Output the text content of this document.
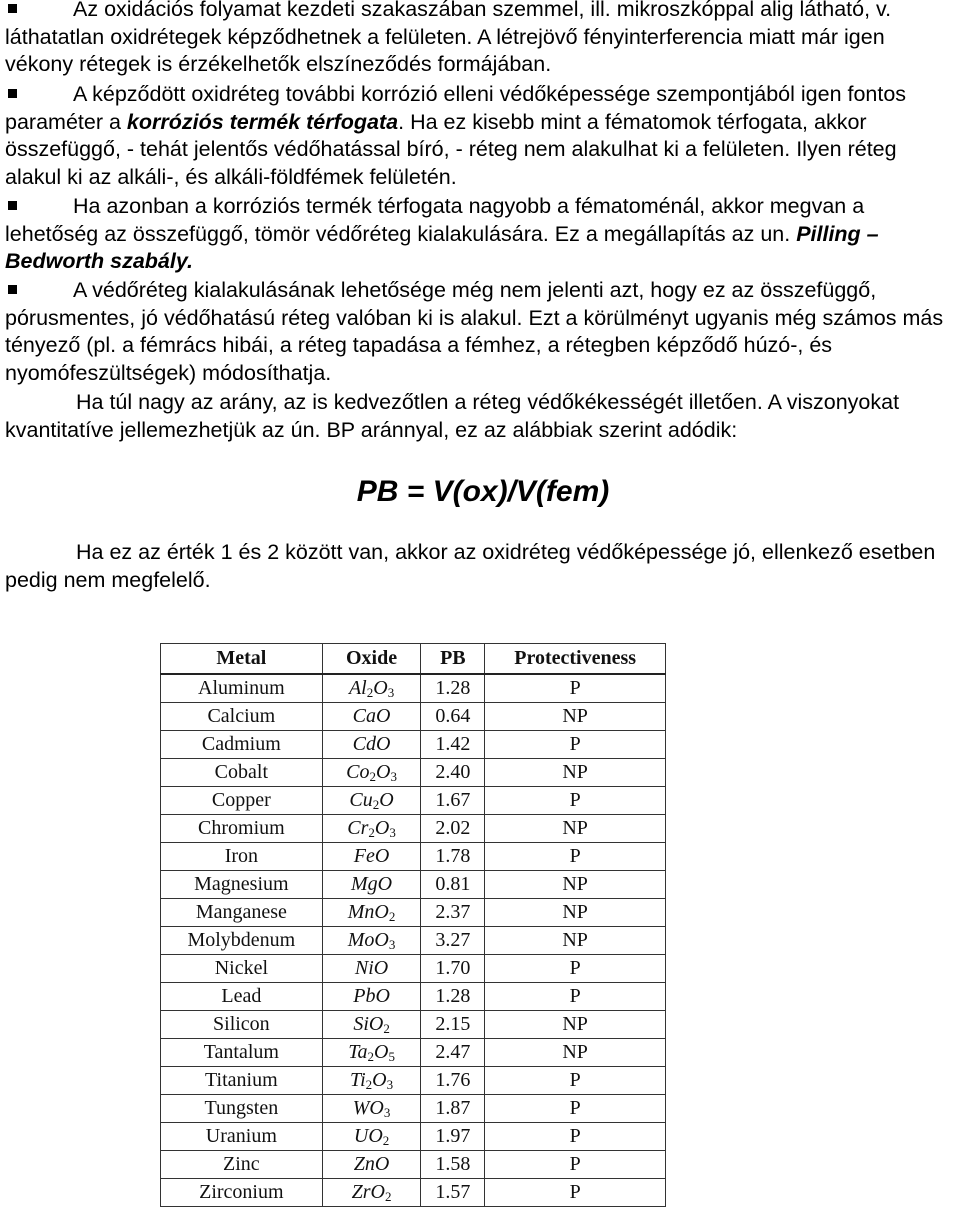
Az oxidációs folyamat kezdeti szakaszában szemmel, ill. mikroszkóppal alig látható, v. láthatatlan oxidrétegek képződhetnek a felületen. A létrejövő fényinterferencia miatt már igen vékony rétegek is érzékelhetők elszíneződés formájában.

A képződött oxidréteg további korrózió elleni védőképessége szempontjából igen fontos paraméter a korróziós termék térfogata. Ha ez kisebb mint a fématomok térfogata, akkor összefüggő, - tehát jelentős védőhatással bíró, - réteg nem alakulhat ki a felületen. Ilyen réteg alakul ki az alkáli-, és alkáli-földfémek felületén.

Ha azonban a korróziós termék térfogata nagyobb a fématoménál, akkor megvan a lehetőség az összefüggő, tömör védőréteg kialakulására. Ez a megállapítás az un. Pilling – Bedworth szabály.

A védőréteg kialakulásának lehetősége még nem jelenti azt, hogy ez az összefüggő, pórusmentes, jó védőhatású réteg valóban ki is alakul. Ezt a körülményt ugyanis még számos más tényező (pl. a fémrács hibái, a réteg tapadása a fémhez, a rétegben képződő húzó-, és nyomófeszültségek) módosíthatja.

Ha túl nagy az arány, az is kedvezőtlen a réteg védőkékességét illetően. A viszonyokat kvantitatíve jellemezhetjük az ún. BP aránnyal, ez az alábbiak szerint adódik:

PB = V(ox)/V(fem)

Ha ez az érték 1 és 2 között van, akkor az oxidréteg védőképessége jó, ellenkező esetben pedig nem megfelelő.

Metal	Oxide	PB	Protectiveness
Aluminum	$Al_2O_3$	1.28	P
Calcium	CaO	0.64	NP
Cadmium	CdO	1.42	P
Cobalt	$Co_2O_3$	2.40	NP
Copper	$Cu_2O$	1.67	P
Chromium	$Cr_2O_3$	2.02	NP
Iron	FeO	1.78	P
Magnesium	MgO	0.81	NP
Manganese	MnO$_2$	2.37	NP
Molybdenum	MoO$_3$	3.27	NP
Nickel	NiO	1.70	P
Lead	PbO	1.28	P
Silicon	SiO$_2$	2.15	NP
Tantalum	$Ta_2O_5$	2.47	NP
Titanium	$Ti_2O_3$	1.76	P
Tungsten	$WO_3$	1.87	P
Uranium	$UO_2$	1.97	P
Zinc	ZnO	1.58	P
Zirconium	ZrO$_2$	1.57	P
